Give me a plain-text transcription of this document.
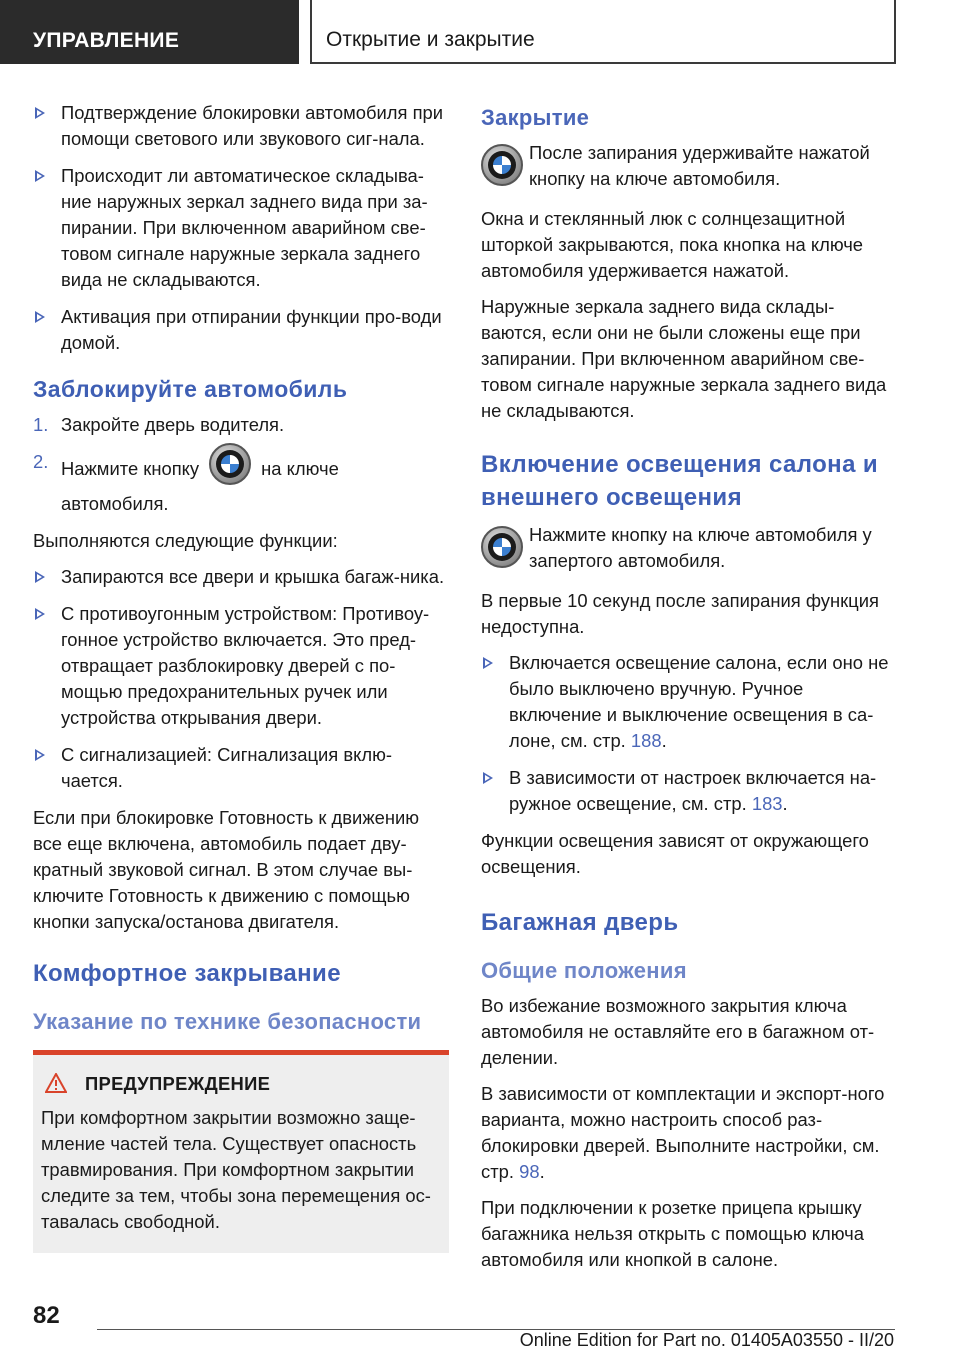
УПРАВЛЕНИЕ	Открытие и закрытие
Подтверждение блокировки автомобиля при помощи светового или звукового сиг-нала.
Происходит ли автоматическое складыва-ние наружных зеркал заднего вида при за-пирании. При включенном аварийном све-товом сигнале наружные зеркала заднего вида не складываются.
Активация при отпирании функции про-води домой.
Заблокируйте автомобиль
1. Закройте дверь водителя.
2. Нажмите кнопку	на ключе автомобиля.

Выполняются следующие функции:

Запираются все двери и крышка багаж-ника.
С противоугонным устройством: Противоу-гонное устройство включается. Это пред-отвращает разблокировку дверей с по-мощью предохранительных ручек или устройства открывания двери.
С сигнализацией: Сигнализация вклю-чается.

Если при блокировке Готовность к движению все еще включена, автомобиль подает дву-кратный звуковой сигнал. В этом случае вы-ключите Готовность к движению с помощью кнопки запуска/останова двигателя.

Комфортное закрывание
Указание по технике безопасности
ПРЕДУПРЕЖДЕНИЕ

При комфортном закрытии возможно защe-мление частей тела. Существует опасность травмирования. При комфортном закрытии следите за тем, чтобы зона перемещения ос-тавалась свободной.

Закрытие

После запирания удерживайте нажатой кнопку на ключе автомобиля.

Окна и стеклянный люк с солнцезащитной шторкой закрываются, пока кнопка на ключе автомобиля удерживается нажатой.

Наружные зеркала заднего вида склады-ваются, если они не были сложены еще при запирании. При включенном аварийном све-товом сигнале наружные зеркала заднего вида не складываются.

Включение освещения салона и внешнего освещения

Нажмите кнопку на ключе автомобиля у запертого автомобиля.

В первые 10 секунд после запирания функция недоступна.

Включается освещение салона, если оно не было выключено вручную. Ручное включение и выключение освещения в са-лоне, см. стр. 188.
В зависимости от настроек включается на-ружное освещение, см. стр. 183.

Функции освещения зависят от окружающего освещения.

Багажная дверь
Общие положения

Во избежание возможного закрытия ключа автомобиля не оставляйте его в багажном от-делении.

В зависимости от комплектации и экспорт-ного варианта, можно настроить способ раз-блокировки дверей. Выполните настройки, см. стр. 98.

При подключении к розетке прицепа крышку багажника нельзя открыть с помощью ключа автомобиля или кнопкой в салоне.

82
Online Edition for Part no. 01405A03550 - II/20
